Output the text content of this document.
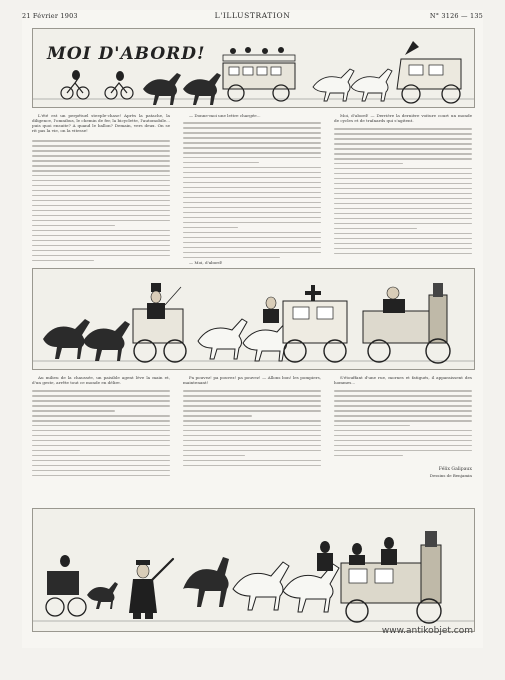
21 Février 1903	L'ILLUSTRATION	N° 3126 — 135
MOI D'ABORD!

L'été est un perpétuel steeple-chase! Après la patache, la diligence, l'omnibus, le chemin de fer, la bicyclette, l'automobile... puis quoi ensuite? A quand le ballon? Demain, vers deux. On se rit pas la vie, on la vitesse!

— Donne-moi une lettre chargée...

— Moi, d'abord!

Moi, d'abord! — Derrière la dernière voiture court un monde de cycles et de traînards qui s'agitent.

Au milieu de la chaussée, un paisible agent lève la main et, d'un geste, arrête tout ce monde en délire.

Pa pouvez! pa pouvez! pa pouvez! — Allons bon! les pompiers, maintenant!

S'étouffant d'une rue, mornes et fatigués, il apparaissent des hommes...

Félix Galipaux
Dessins de Benjamin
www.antikobjet.com
